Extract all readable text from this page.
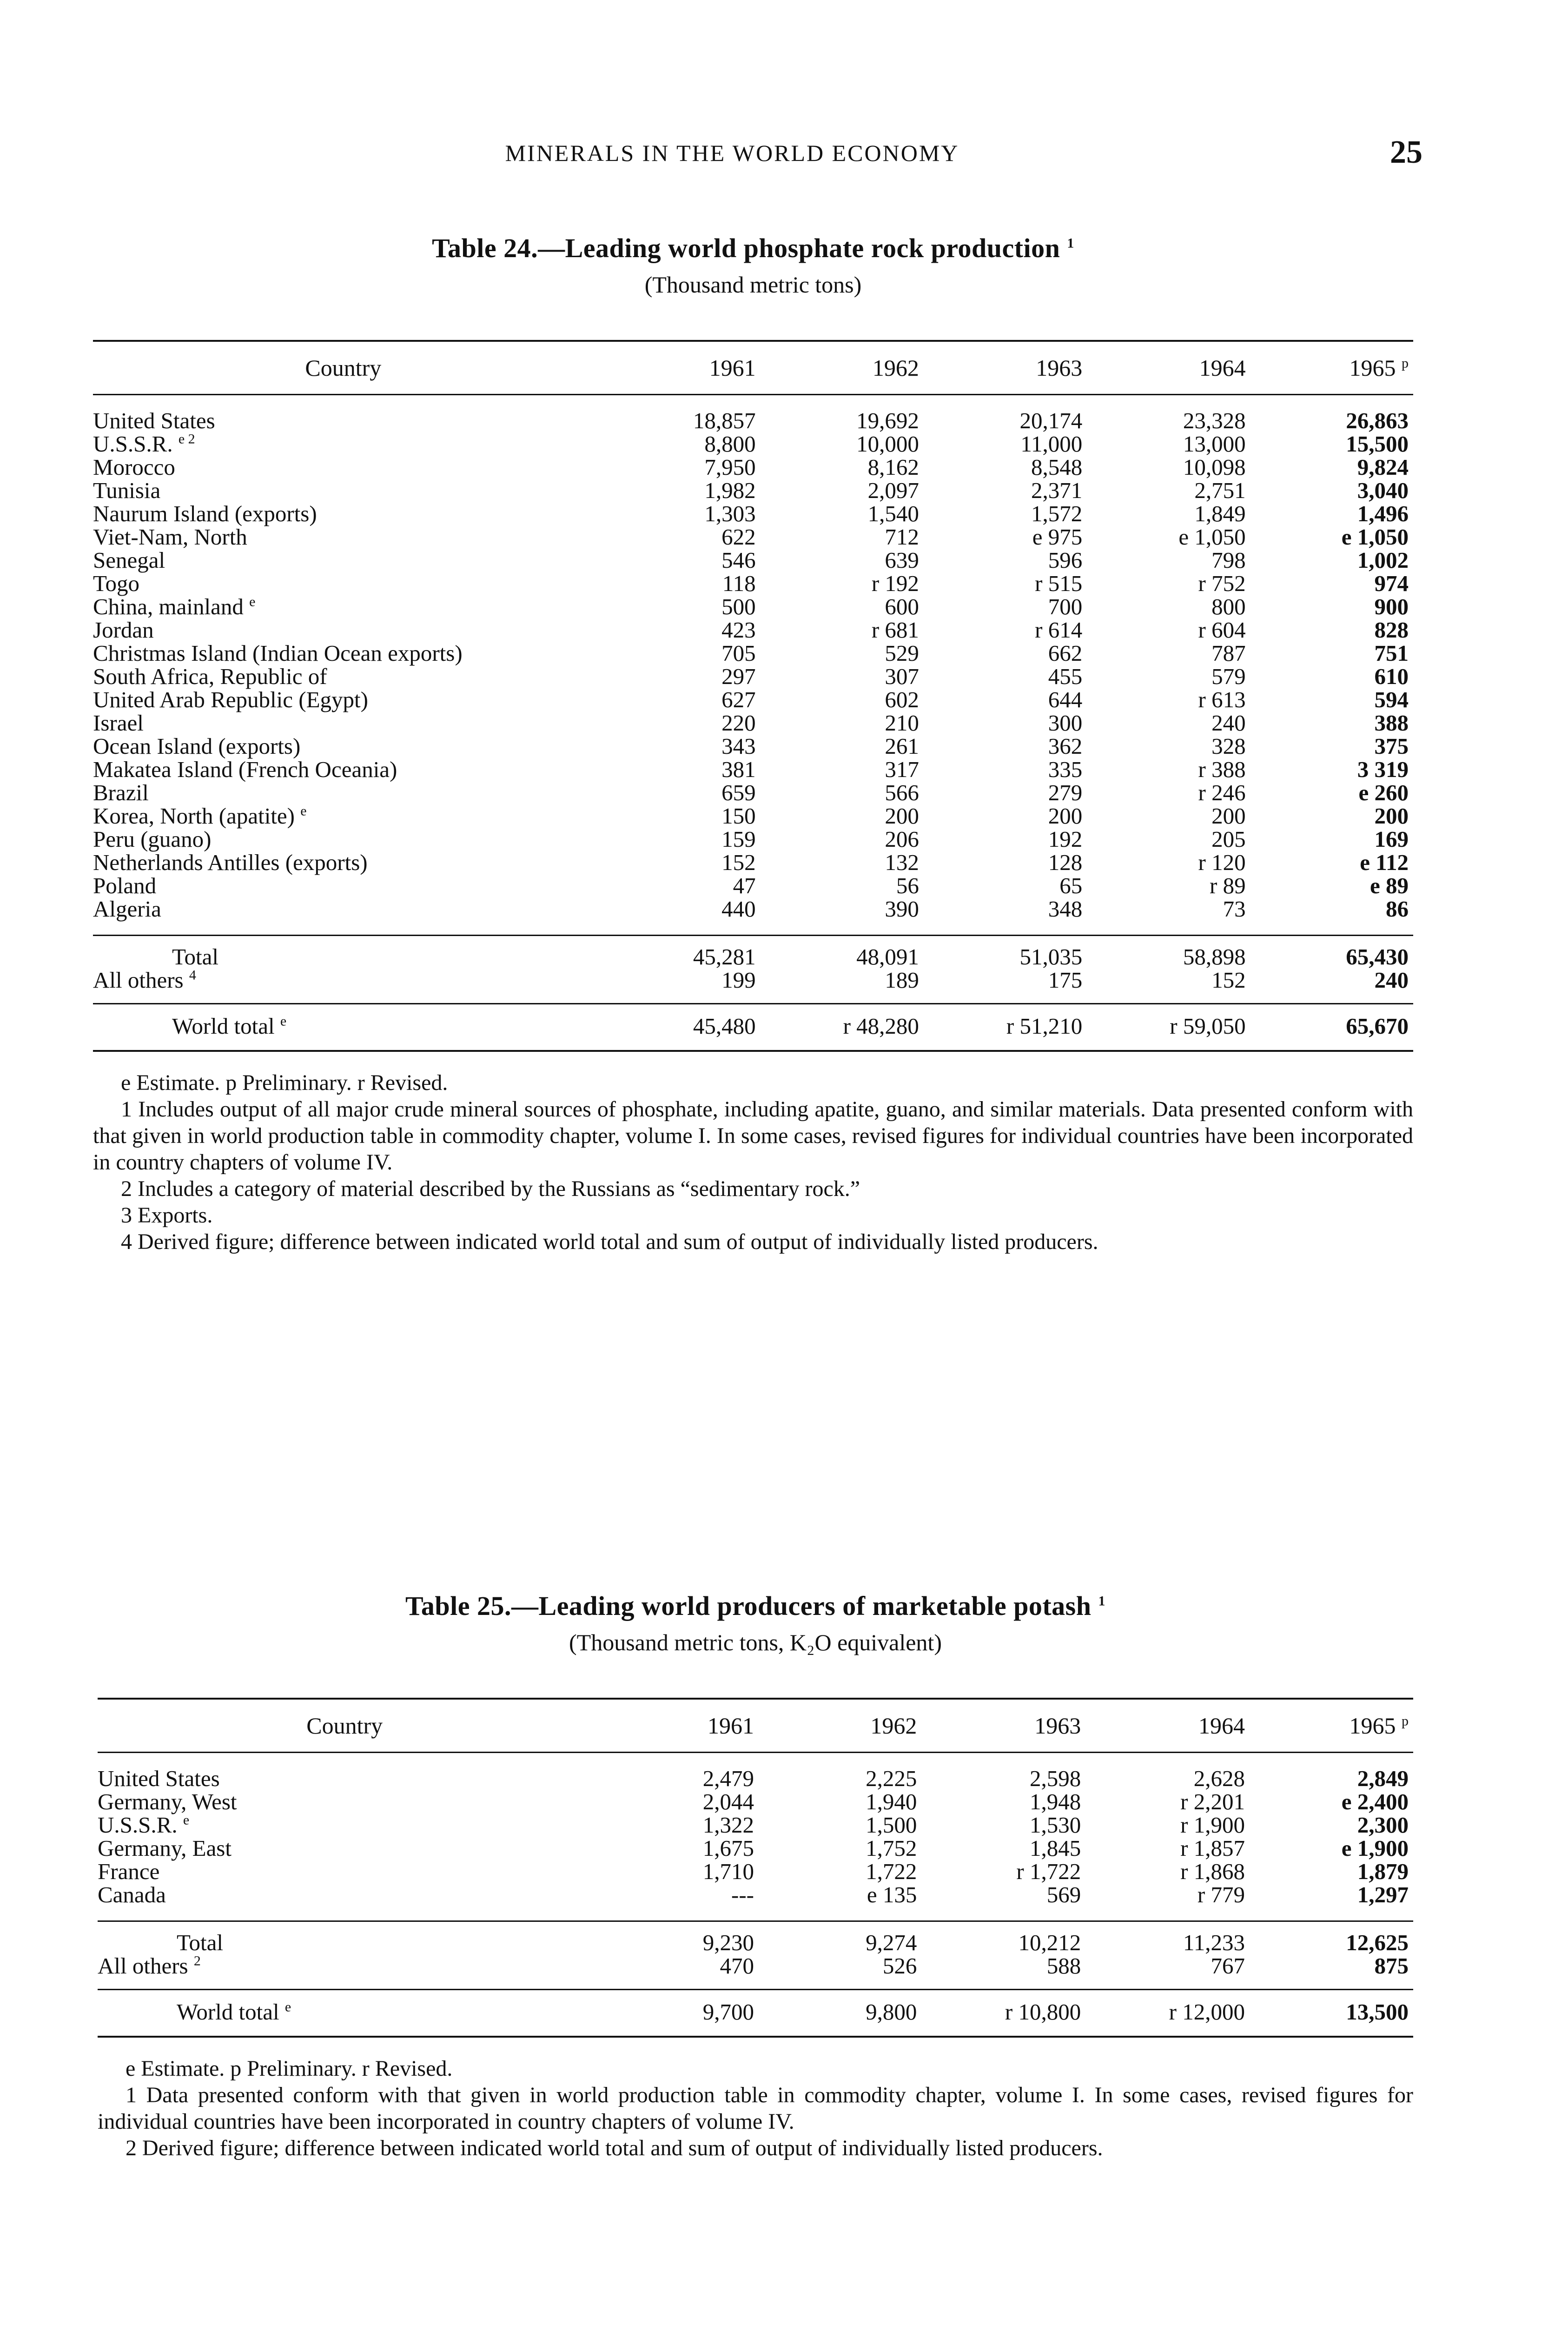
MINERALS IN THE WORLD ECONOMY	25
Table 24.—Leading world phosphate rock production $^1$
(Thousand metric tons)
Country	1961	1962	1963	1964	1965 $^p$
United States	18,857	19,692	20,174	23,328	26,863
U.S.S.R. $^{e 2}$	8,800	10,000	11,000	13,000	15,500
Morocco	7,950	8,162	8,548	10,098	9,824
Tunisia	1,982	2,097	2,371	2,751	3,040
Naurum Island (exports)	1,303	1,540	1,572	1,849	1,496
Viet-Nam, North	622	712	e 975	e 1,050	e 1,050
Senegal	546	639	596	798	1,002
Togo	118	r 192	r 515	r 752	974
China, mainland $^e$	500	600	700	800	900
Jordan	423	r 681	r 614	r 604	828
Christmas Island (Indian Ocean exports)	705	529	662	787	751
South Africa, Republic of	297	307	455	579	610
United Arab Republic (Egypt)	627	602	644	r 613	594
Israel	220	210	300	240	388
Ocean Island (exports)	343	261	362	328	375
Makatea Island (French Oceania)	381	317	335	r 388	3 319
Brazil	659	566	279	r 246	e 260
Korea, North (apatite) $^e$	150	200	200	200	200
Peru (guano)	159	206	192	205	169
Netherlands Antilles (exports)	152	132	128	r 120	e 112
Poland	47	56	65	r 89	e 89
Algeria	440	390	348	73	86
Total	45,281	48,091	51,035	58,898	65,430
All others $^4$	199	189	175	152	240
World total $^e$	45,480	r 48,280	r 51,210	r 59,050	65,670

e Estimate. p Preliminary. r Revised.

1 Includes output of all major crude mineral sources of phosphate, including apatite, guano, and similar materials. Data presented conform with that given in world production table in commodity chapter, volume I. In some cases, revised figures for individual countries have been incorporated in country chapters of volume IV.

2 Includes a category of material described by the Russians as “sedimentary rock.”

3 Exports.

4 Derived figure; difference between indicated world total and sum of output of individually listed producers.

Table 25.—Leading world producers of marketable potash $^1$
(Thousand metric tons, K₂O equivalent)
Country	1961	1962	1963	1964	1965 $^p$
United States	2,479	2,225	2,598	2,628	2,849
Germany, West	2,044	1,940	1,948	r 2,201	e 2,400
U.S.S.R. $^e$	1,322	1,500	1,530	r 1,900	2,300
Germany, East	1,675	1,752	1,845	r 1,857	e 1,900
France	1,710	1,722	r 1,722	r 1,868	1,879
Canada	---	e 135	569	r 779	1,297
Total	9,230	9,274	10,212	11,233	12,625
All others $^2$	470	526	588	767	875
World total $^e$	9,700	9,800	r 10,800	r 12,000	13,500

e Estimate. p Preliminary. r Revised.

1 Data presented conform with that given in world production table in commodity chapter, volume I. In some cases, revised figures for individual countries have been incorporated in country chapters of volume IV.

2 Derived figure; difference between indicated world total and sum of output of individually listed producers.
